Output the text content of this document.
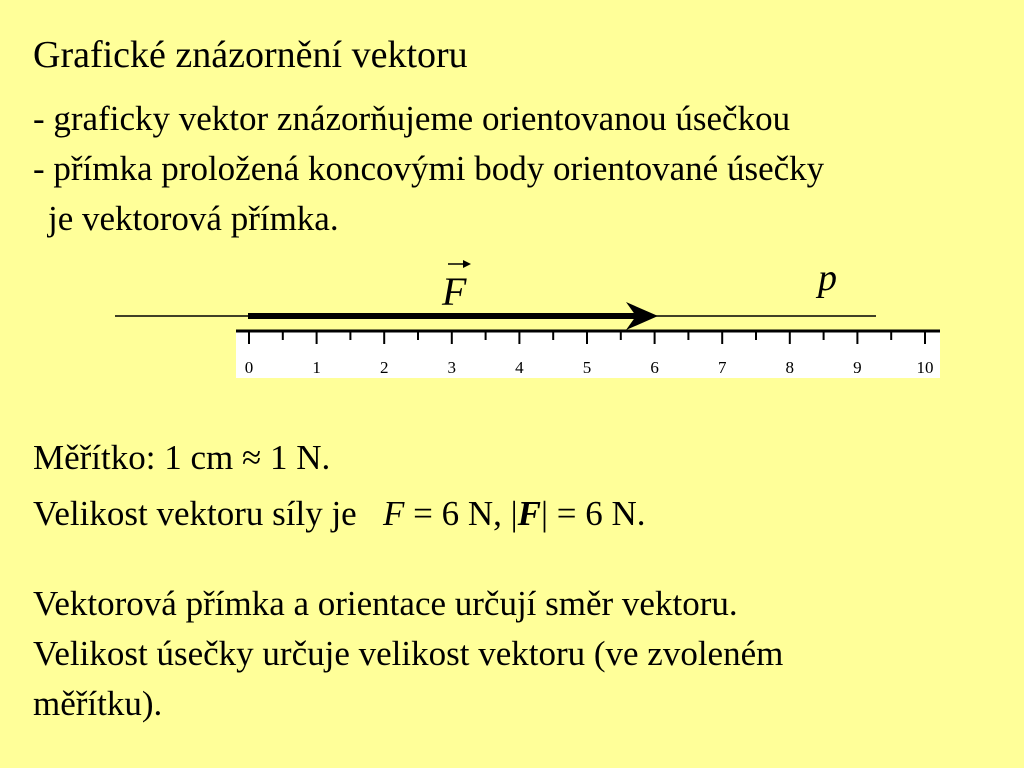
Grafické znázornění vektoru

- graficky vektor znázorňujeme orientovanou úsečkou

- přímka proložená koncovými body orientované úsečky

je vektorová přímka.

F	p
0	1	2	3	4	5	6	7	8	9	10

Měřítko: 1 cm ≈ 1 N.

Velikost vektoru síly je F = 6 N, |F| = 6 N.

Vektorová přímka a orientace určují směr vektoru.

Velikost úsečky určuje velikost vektoru (ve zvoleném

měřítku).
